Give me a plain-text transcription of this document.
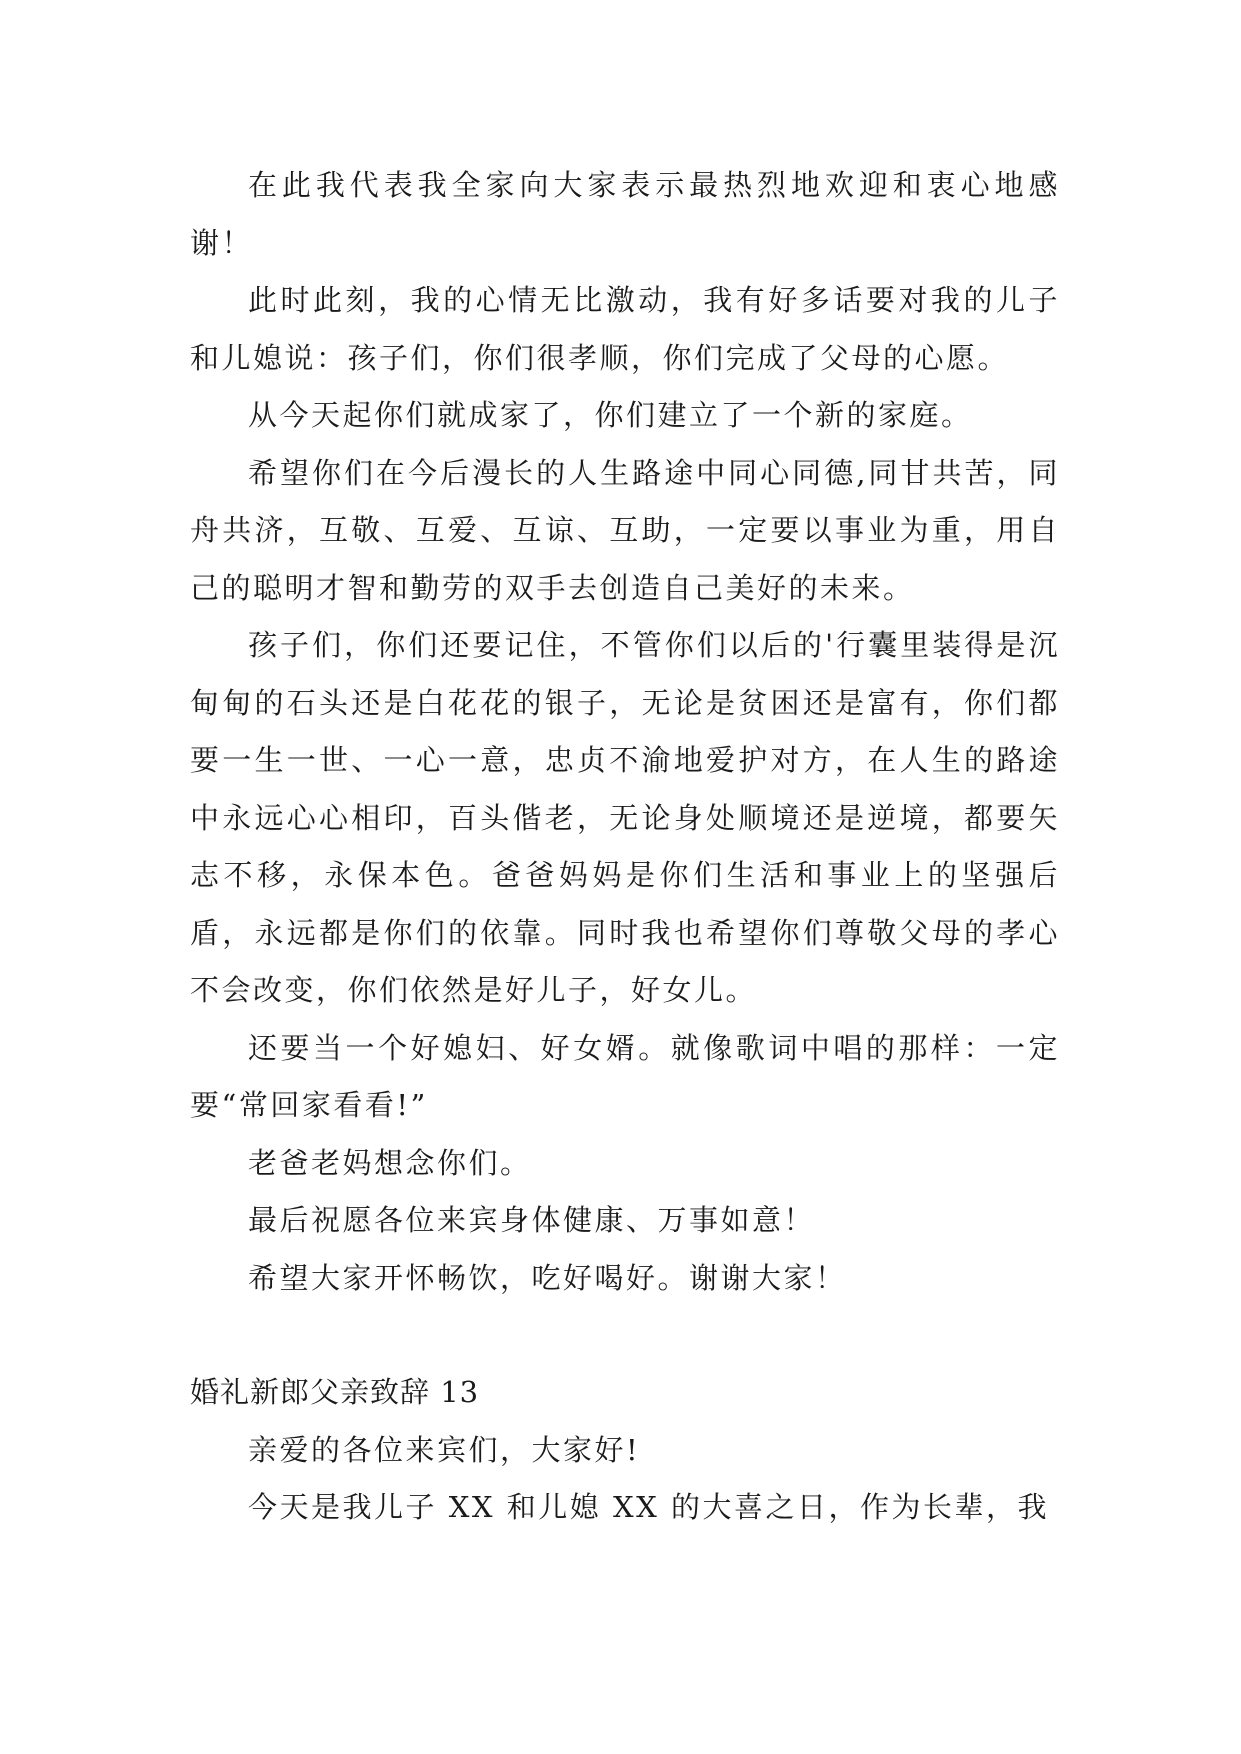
在此我代表我全家向大家表示最热烈地欢迎和衷心地感谢！

此时此刻，我的心情无比激动，我有好多话要对我的儿子和儿媳说：孩子们，你们很孝顺，你们完成了父母的心愿。

从今天起你们就成家了，你们建立了一个新的家庭。

希望你们在今后漫长的人生路途中同心同德,同甘共苦，同舟共济，互敬、互爱、互谅、互助，一定要以事业为重，用自己的聪明才智和勤劳的双手去创造自己美好的未来。

孩子们，你们还要记住，不管你们以后的'行囊里装得是沉甸甸的石头还是白花花的银子，无论是贫困还是富有，你们都要一生一世、一心一意，忠贞不渝地爱护对方，在人生的路途中永远心心相印，百头偕老，无论身处顺境还是逆境，都要矢志不移，永保本色。爸爸妈妈是你们生活和事业上的坚强后盾，永远都是你们的依靠。同时我也希望你们尊敬父母的孝心不会改变，你们依然是好儿子，好女儿。

还要当一个好媳妇、好女婿。就像歌词中唱的那样：一定要“常回家看看!”

老爸老妈想念你们。

最后祝愿各位来宾身体健康、万事如意！

希望大家开怀畅饮，吃好喝好。谢谢大家！

婚礼新郎父亲致辞 13

亲爱的各位来宾们，大家好!

今天是我儿子 XX 和儿媳 XX 的大喜之日，作为长辈，我
